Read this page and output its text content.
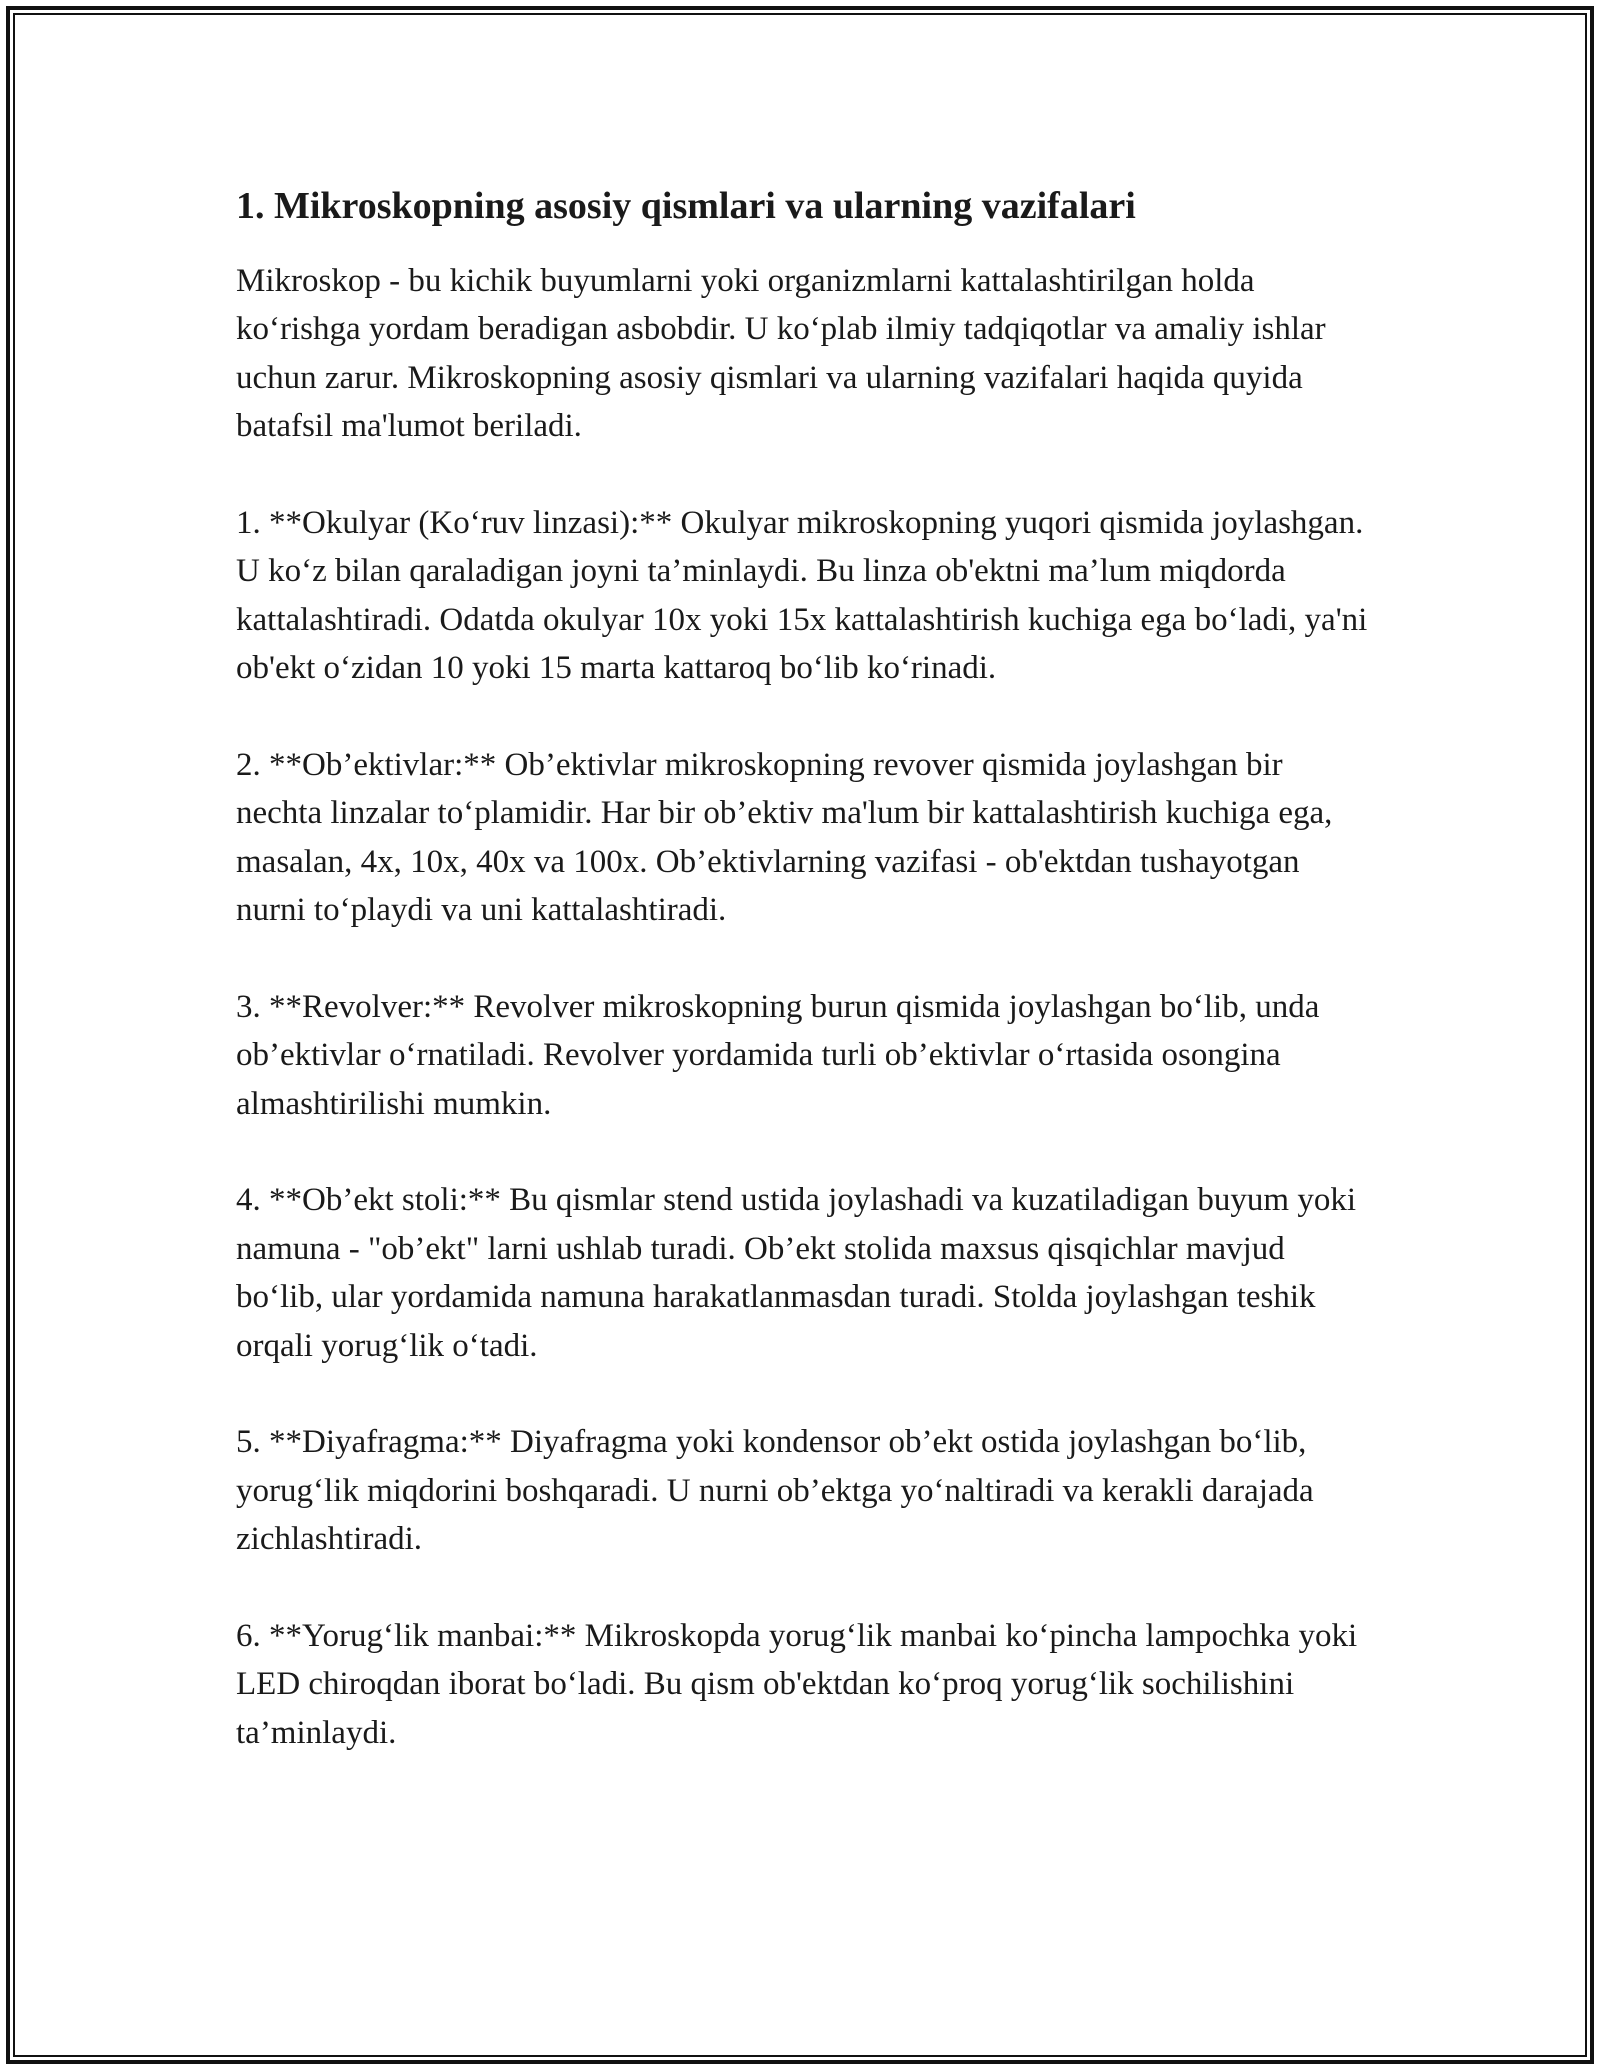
1. Mikroskopning asosiy qismlari va ularning vazifalari

Mikroskop - bu kichik buyumlarni yoki organizmlarni kattalashtirilgan holda ko‘rishga yordam beradigan asbobdir. U ko‘plab ilmiy tadqiqotlar va amaliy ishlar uchun zarur. Mikroskopning asosiy qismlari va ularning vazifalari haqida quyida batafsil ma'lumot beriladi.

1. **Okulyar (Ko‘ruv linzasi):** Okulyar mikroskopning yuqori qismida joylashgan. U ko‘z bilan qaraladigan joyni ta’minlaydi. Bu linza ob'ektni ma’lum miqdorda kattalashtiradi. Odatda okulyar 10x yoki 15x kattalashtirish kuchiga ega bo‘ladi, ya'ni ob'ekt o‘zidan 10 yoki 15 marta kattaroq bo‘lib ko‘rinadi.

2. **Ob’ektivlar:** Ob’ektivlar mikroskopning revover qismida joylashgan bir nechta linzalar to‘plamidir. Har bir ob’ektiv ma'lum bir kattalashtirish kuchiga ega, masalan, 4x, 10x, 40x va 100x. Ob’ektivlarning vazifasi - ob'ektdan tushayotgan nurni to‘playdi va uni kattalashtiradi.

3. **Revolver:** Revolver mikroskopning burun qismida joylashgan bo‘lib, unda ob’ektivlar o‘rnatiladi. Revolver yordamida turli ob’ektivlar o‘rtasida osongina almashtirilishi mumkin.

4. **Ob’ekt stoli:** Bu qismlar stend ustida joylashadi va kuzatiladigan buyum yoki namuna - "ob’ekt" larni ushlab turadi. Ob’ekt stolida maxsus qisqichlar mavjud bo‘lib, ular yordamida namuna harakatlanmasdan turadi. Stolda joylashgan teshik orqali yorug‘lik o‘tadi.

5. **Diyafragma:** Diyafragma yoki kondensor ob’ekt ostida joylashgan bo‘lib, yorug‘lik miqdorini boshqaradi. U nurni ob’ektga yo‘naltiradi va kerakli darajada zichlashtiradi.

6. **Yorug‘lik manbai:** Mikroskopda yorug‘lik manbai ko‘pincha lampochka yoki LED chiroqdan iborat bo‘ladi. Bu qism ob'ektdan ko‘proq yorug‘lik sochilishini ta’minlaydi.
